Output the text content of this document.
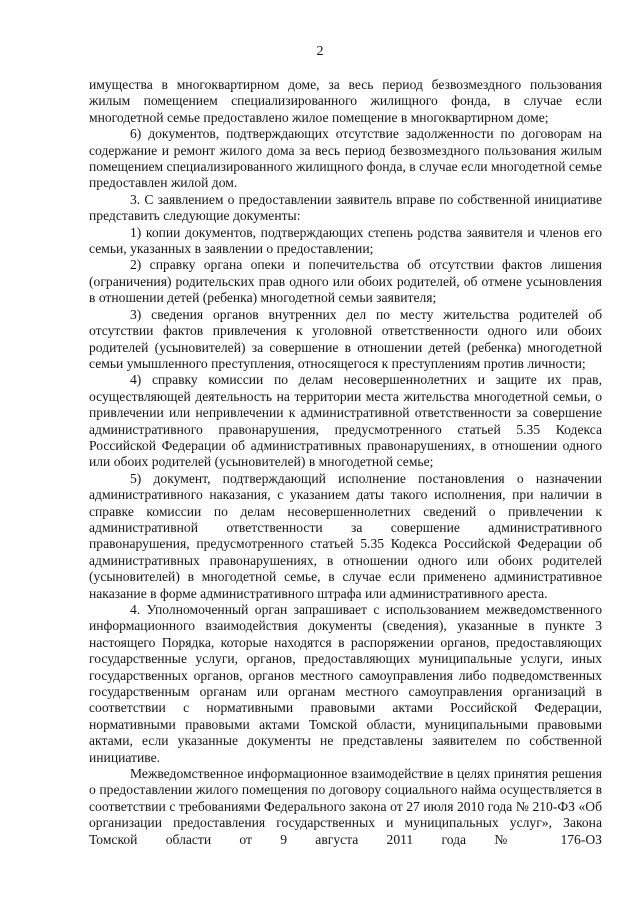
2

имущества в многоквартирном доме, за весь период безвозмездного пользования жилым помещением специализированного жилищного фонда, в случае если многодетной семье предоставлено жилое помещение в многоквартирном доме;

6) документов, подтверждающих отсутствие задолженности по договорам на содержание и ремонт жилого дома за весь период безвозмездного пользования жилым помещением специализированного жилищного фонда, в случае если многодетной семье предоставлен жилой дом.

3. С заявлением о предоставлении заявитель вправе по собственной инициативе представить следующие документы:

1) копии документов, подтверждающих степень родства заявителя и членов его семьи, указанных в заявлении о предоставлении;

2) справку органа опеки и попечительства об отсутствии фактов лишения (ограничения) родительских прав одного или обоих родителей, об отмене усыновления в отношении детей (ребенка) многодетной семьи заявителя;

3) сведения органов внутренних дел по месту жительства родителей об отсутствии фактов привлечения к уголовной ответственности одного или обоих родителей (усыновителей) за совершение в отношении детей (ребенка) многодетной семьи умышленного преступления, относящегося к преступлениям против личности;

4) справку комиссии по делам несовершеннолетних и защите их прав, осуществляющей деятельность на территории места жительства многодетной семьи, о привлечении или непривлечении к административной ответственности за совершение административного правонарушения, предусмотренного статьей 5.35 Кодекса Российской Федерации об административных правонарушениях, в отношении одного или обоих родителей (усыновителей) в многодетной семье;

5) документ, подтверждающий исполнение постановления о назначении административного наказания, с указанием даты такого исполнения, при наличии в справке комиссии по делам несовершеннолетних сведений о привлечении к административной ответственности за совершение административного правонарушения, предусмотренного статьей 5.35 Кодекса Российской Федерации об административных правонарушениях, в отношении одного или обоих родителей (усыновителей) в многодетной семье, в случае если применено административное наказание в форме административного штрафа или административного ареста.

4. Уполномоченный орган запрашивает с использованием межведомственного информационного взаимодействия документы (сведения), указанные в пункте 3 настоящего Порядка, которые находятся в распоряжении органов, предоставляющих государственные услуги, органов, предоставляющих муниципальные услуги, иных государственных органов, органов местного самоуправления либо подведомственных государственным органам или органам местного самоуправления организаций в соответствии с нормативными правовыми актами Российской Федерации, нормативными правовыми актами Томской области, муниципальными правовыми актами, если указанные документы не представлены заявителем по собственной инициативе.

Межведомственное информационное взаимодействие в целях принятия решения о предоставлении жилого помещения по договору социального найма осуществляется в соответствии с требованиями Федерального закона от 27 июля 2010 года № 210-ФЗ «Об организации предоставления государственных и муниципальных услуг», Закона Томской области от 9 августа 2011 года № 176-ОЗ
